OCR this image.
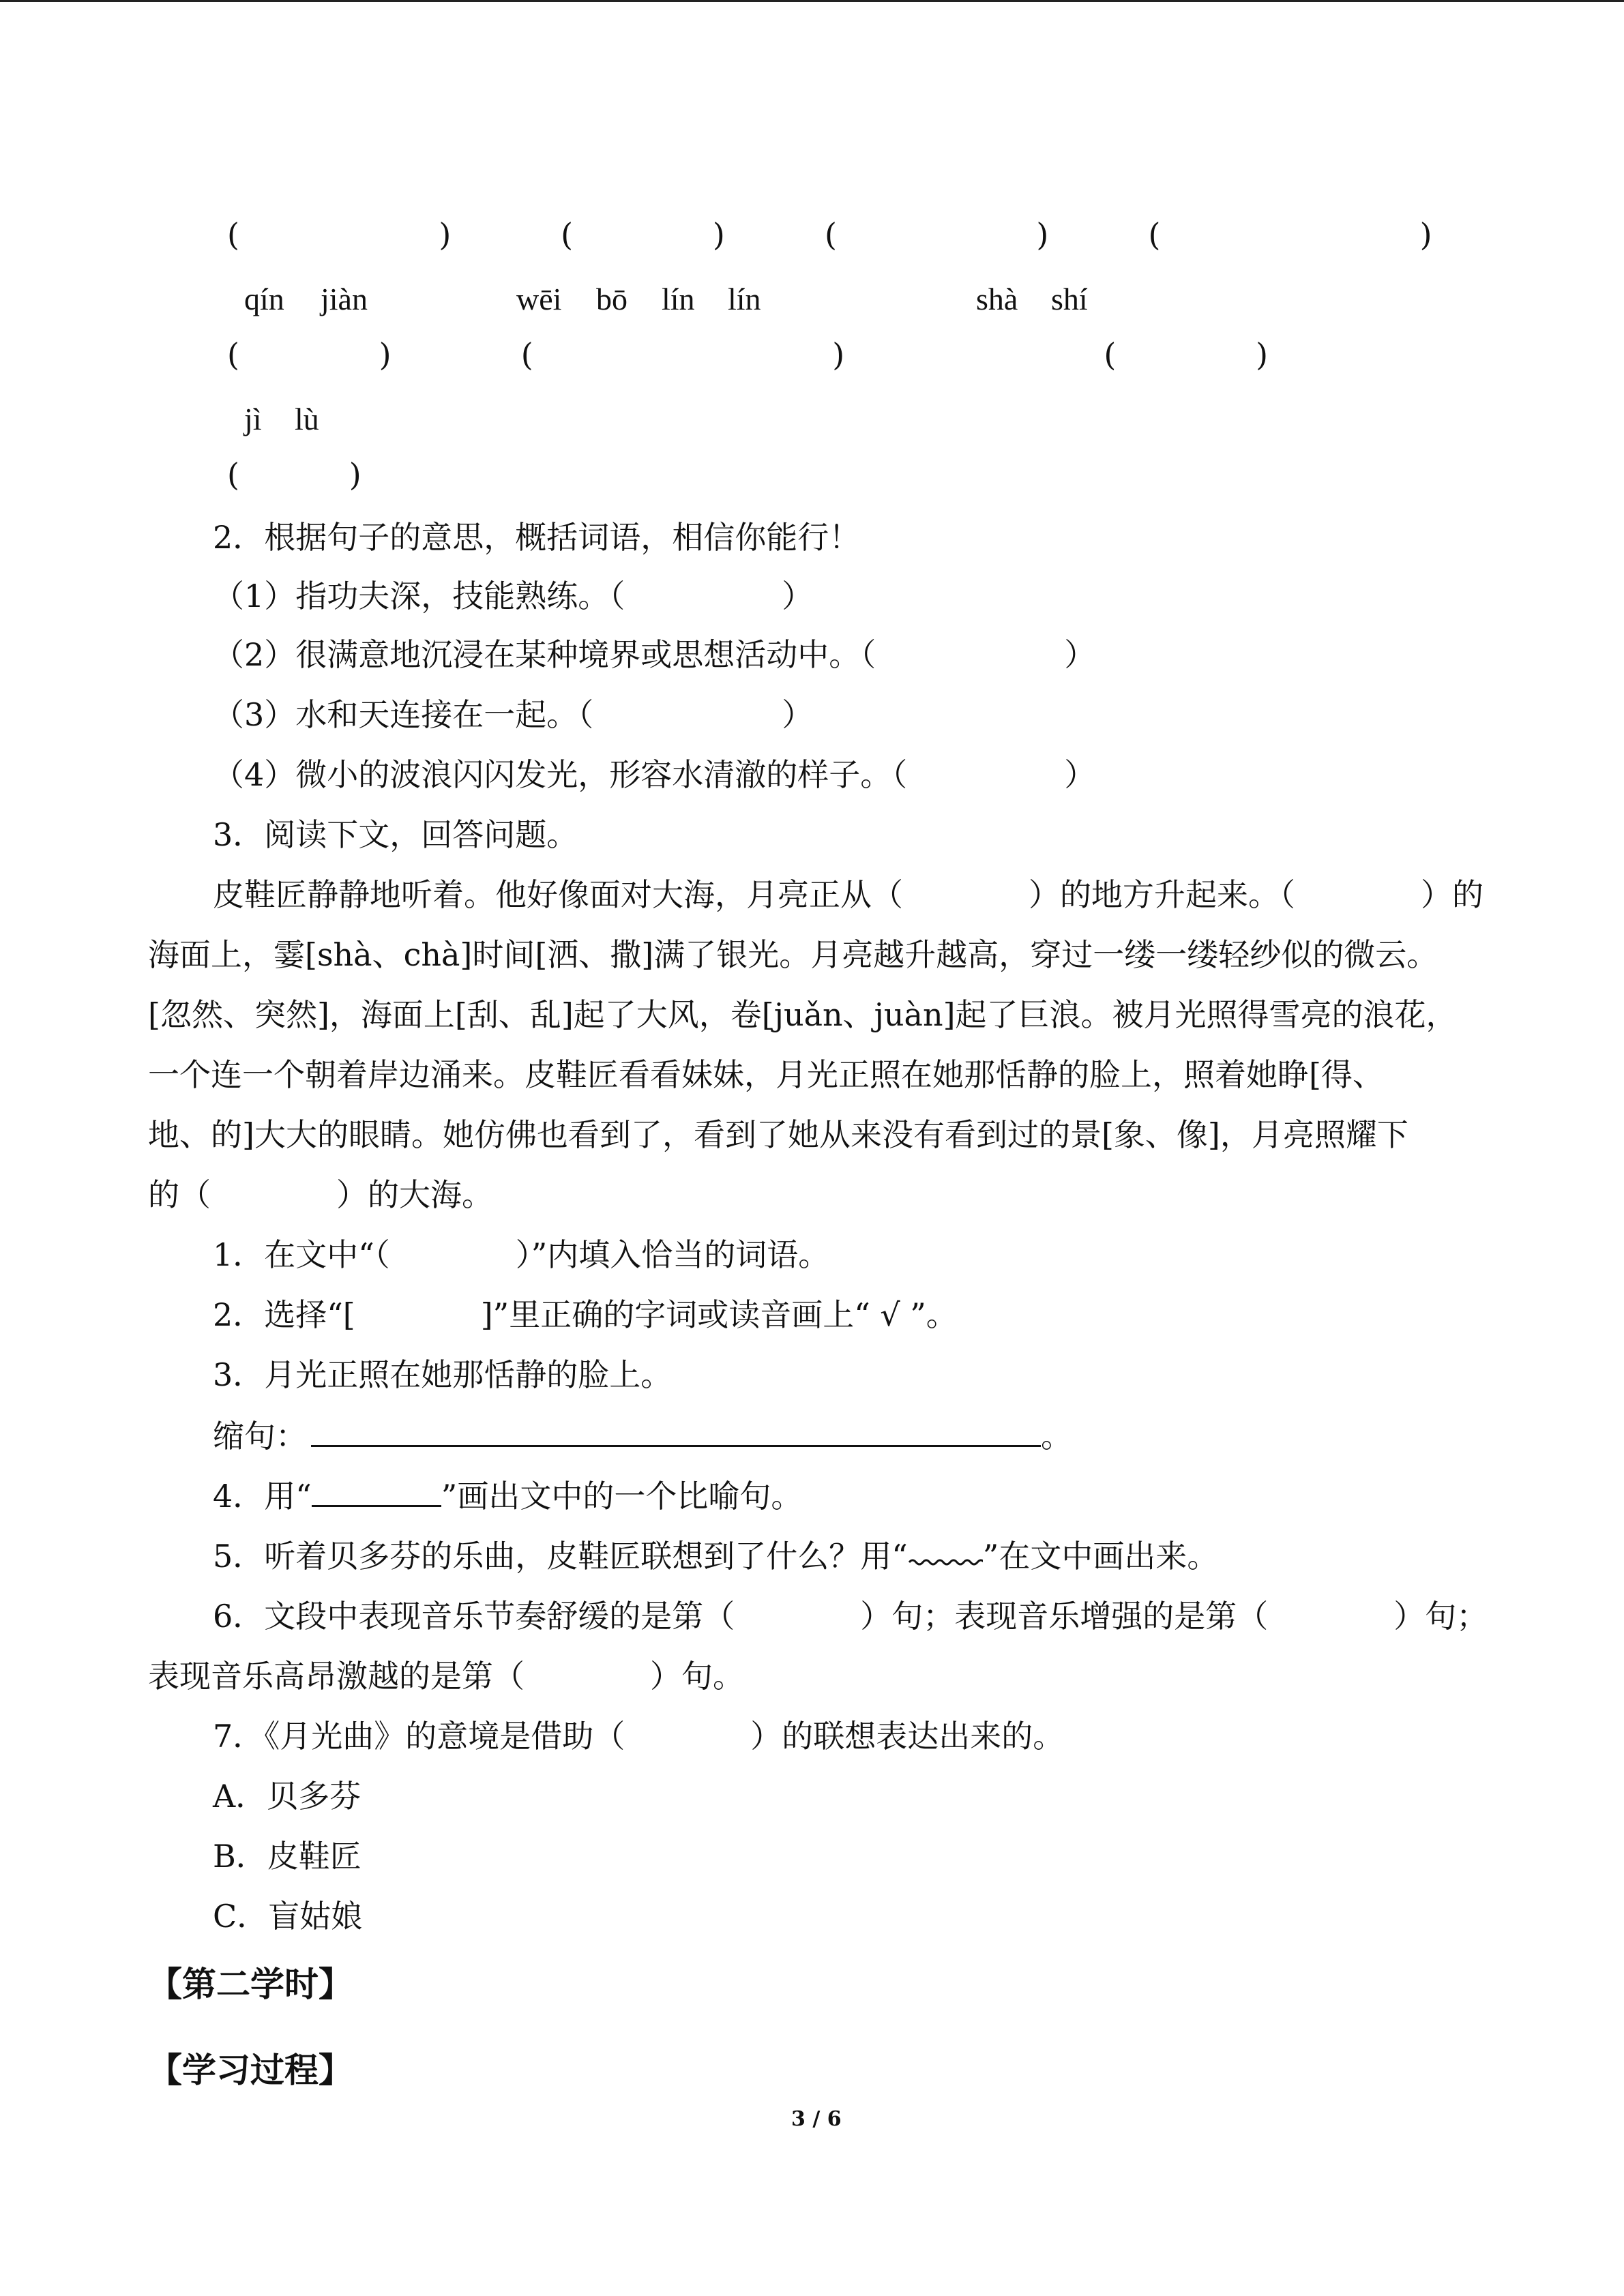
(                    )           (              )          (                    )          (                          )
qín jiàn	wēi bō lín lín	shà shí
(              )             (                              )                          (              )
jì lù
(           )
2．根据句子的意思，概括词语，相信你能行！
（1）指功夫深，技能熟练。（　　　　　）
（2）很满意地沉浸在某种境界或思想活动中。（　　　　　　）
（3）水和天连接在一起。（　　　　　　）
（4）微小的波浪闪闪发光，形容水清澈的样子。（　　　　　）
3．阅读下文，回答问题。
皮鞋匠静静地听着。他好像面对大海，月亮正从（　　　　）的地方升起来。（　　　　）的
海面上，霎[shà、chà]时间[洒、撒]满了银光。月亮越升越高，穿过一缕一缕轻纱似的微云。
[忽然、突然]，海面上[刮、乱]起了大风，卷[juǎn、juàn]起了巨浪。被月光照得雪亮的浪花，
一个连一个朝着岸边涌来。皮鞋匠看看妹妹，月光正照在她那恬静的脸上，照着她睁[得、
地、的]大大的眼睛。她仿佛也看到了，看到了她从来没有看到过的景[象、像]，月亮照耀下
的（　　　　）的大海。
1．在文中“（　　　　）”内填入恰当的词语。
2．选择“[　　　　]”里正确的字词或读音画上“ √ ”。
3．月光正照在她那恬静的脸上。
缩句：	。
4．用“	”画出文中的一个比喻句。
5．听着贝多芬的乐曲，皮鞋匠联想到了什么？用“ ”在文中画出来。
6．文段中表现音乐节奏舒缓的是第（　　　　）句；表现音乐增强的是第（　　　　）句；
表现音乐高昂激越的是第（　　　　）句。
7．《月光曲》的意境是借助（　　　　）的联想表达出来的。
A．贝多芬
B．皮鞋匠
C．盲姑娘
【第二学时】
【学习过程】
3 / 6
